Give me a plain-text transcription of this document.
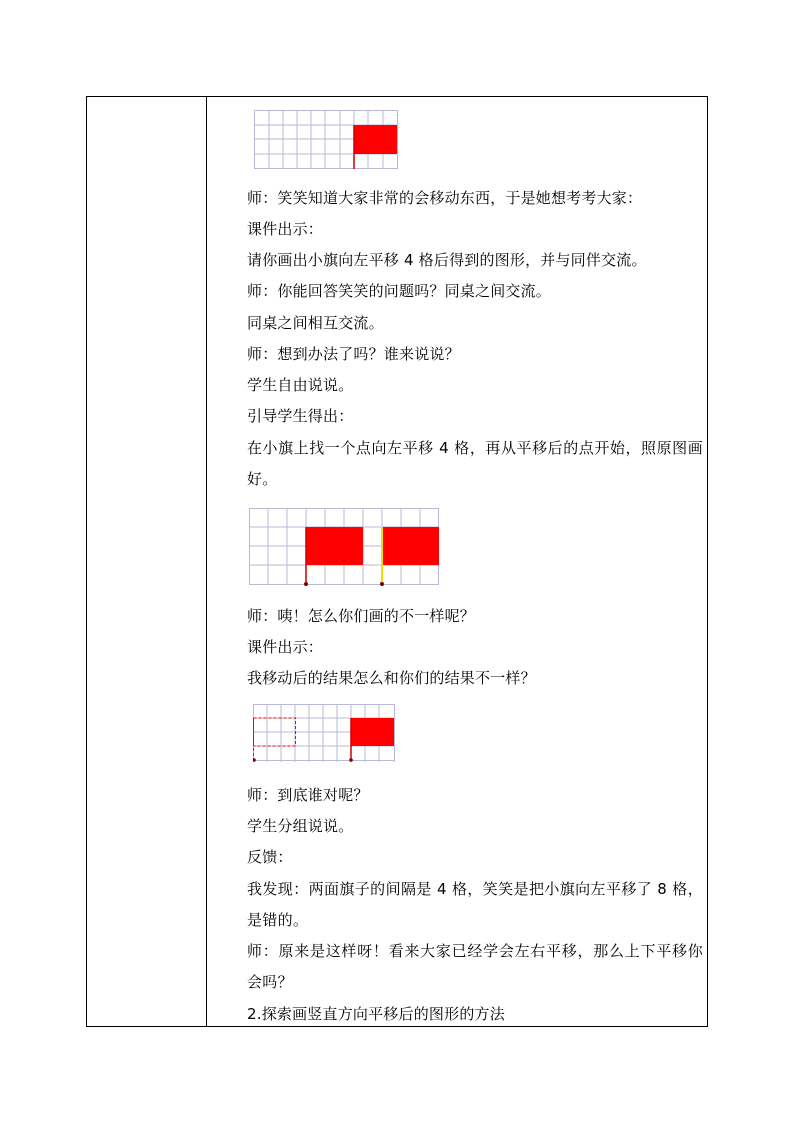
师：笑笑知道大家非常的会移动东西，于是她想考考大家：
课件出示：
请你画出小旗向左平移 4 格后得到的图形，并与同伴交流。
师：你能回答笑笑的问题吗？同桌之间交流。
同桌之间相互交流。
师：想到办法了吗？谁来说说？
学生自由说说。
引导学生得出：
在小旗上找一个点向左平移 4 格，再从平移后的点开始，照原图画好。
师：咦！怎么你们画的不一样呢？
课件出示：
我移动后的结果怎么和你们的结果不一样？
师：到底谁对呢？
学生分组说说。
反馈：
我发现：两面旗子的间隔是 4 格，笑笑是把小旗向左平移了 8 格，是错的。
师：原来是这样呀！看来大家已经学会左右平移，那么上下平移你会吗？
2.探索画竖直方向平移后的图形的方法
